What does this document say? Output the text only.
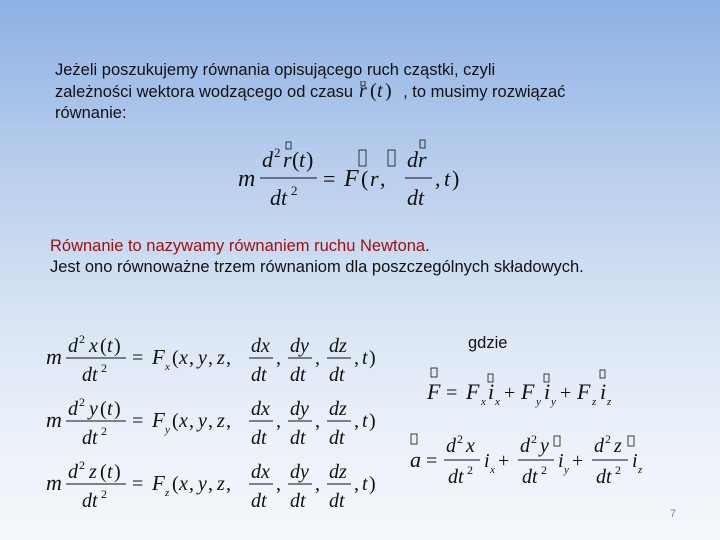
Jeżeli poszukujemy równania opisującego ruch cząstki, czyli
zależności wektora wodzącego od czasu r ( t ) , to musimy rozwiązać
równanie:
m
d 2 r ( t )
dt 2 = F ( r ,
dr
dt
, t )
Równanie to nazywamy równaniem ruchu Newtona.
Jest ono równoważne trzem równaniom dla poszczególnych składowych.
m d 2 x ( t )
dt 2 = F x ( x , y , z ,
dx
dt
,
dy
dt
,
dz
dt
, t )
m d 2 y ( t )
dt 2 = F y ( x , y , z ,
dx
dt
,
dy
dt
,
dz
dt
, t )
m d 2 z ( t )
dt 2 = F z ( x , y , z ,
dx
dt
,
dy
dt
,
dz
dt
, t )
gdzie
F = F x i x + F y i y + F z i z
a =
d 2 x
dt 2 i x +
d 2 y
dt 2 i y +
d 2 z
dt 2 i z
7
